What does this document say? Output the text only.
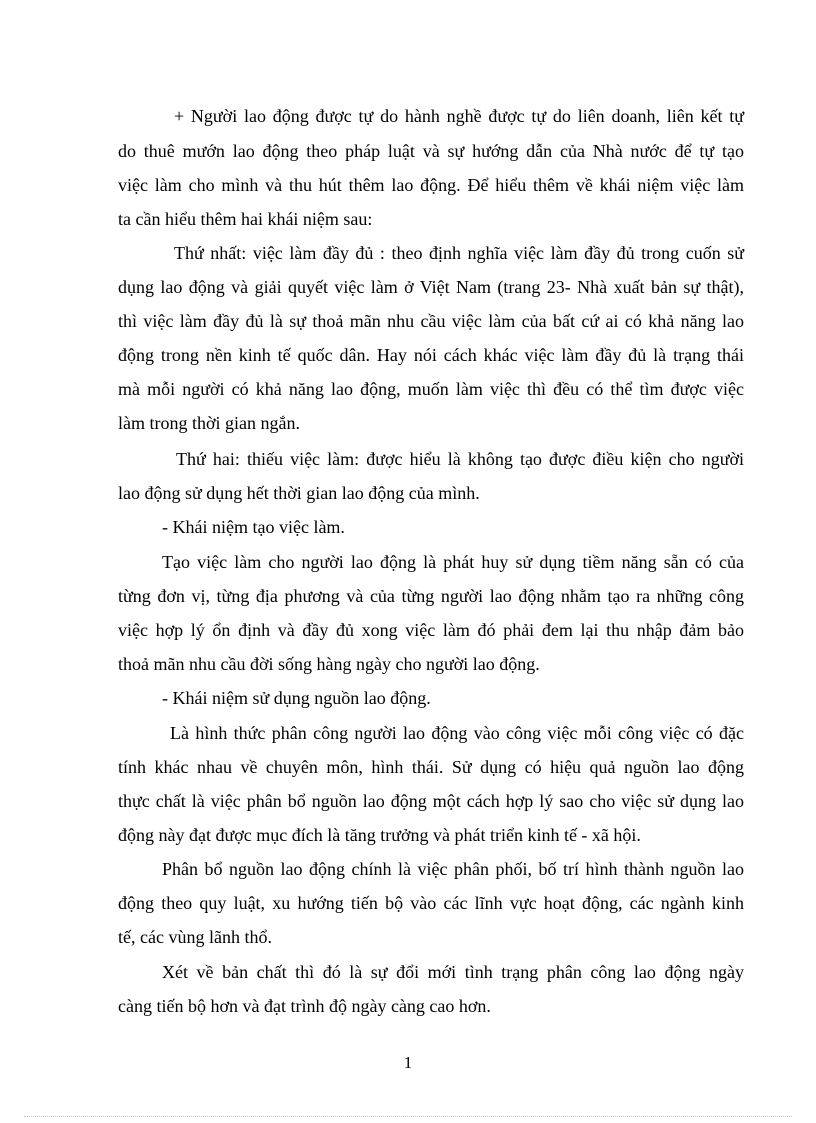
+ Người lao động được tự do hành nghề được tự do liên doanh, liên kết tự
do thuê mướn lao động theo pháp luật và sự hướng dẫn của Nhà nước để tự tạo
việc làm cho mình và thu hút thêm lao động. Để hiểu thêm về khái niệm việc làm
ta cần hiểu thêm hai khái niệm sau:
Thứ nhất: việc làm đầy đủ : theo định nghĩa việc làm đầy đủ trong cuốn sử
dụng lao động và giải quyết việc làm ở Việt Nam (trang 23- Nhà xuất bản sự thật),
thì việc làm đầy đủ là sự thoả mãn nhu cầu việc làm của bất cứ ai có khả năng lao
động trong nền kinh tế quốc dân. Hay nói cách khác việc làm đầy đủ là trạng thái
mà mỗi người có khả năng lao động, muốn làm việc thì đều có thể tìm được việc
làm trong thời gian ngắn.
Thứ hai: thiếu việc làm: được hiểu là không tạo được điều kiện cho người
lao động sử dụng hết thời gian lao động của mình.
- Khái niệm tạo việc làm.
Tạo việc làm cho người lao động là phát huy sử dụng tiềm năng sẵn có của
từng đơn vị, từng địa phương và của từng người lao động nhằm tạo ra những công
việc hợp lý ổn định và đầy đủ xong việc làm đó phải đem lại thu nhập đảm bảo
thoả mãn nhu cầu đời sống hàng ngày cho người lao động.
- Khái niệm sử dụng nguồn lao động.
Là hình thức phân công người lao động vào công việc mỗi công việc có đặc
tính khác nhau về chuyên môn, hình thái. Sử dụng có hiệu quả nguồn lao động
thực chất là việc phân bổ nguồn lao động một cách hợp lý sao cho việc sử dụng lao
động này đạt được mục đích là tăng trưởng và phát triển kinh tế - xã hội.
Phân bổ nguồn lao động chính là việc phân phối, bố trí hình thành nguồn lao
động theo quy luật, xu hướng tiến bộ vào các lĩnh vực hoạt động, các ngành kinh
tế, các vùng lãnh thổ.
Xét về bản chất thì đó là sự đổi mới tình trạng phân công lao động ngày
càng tiến bộ hơn và đạt trình độ ngày càng cao hơn.
1
